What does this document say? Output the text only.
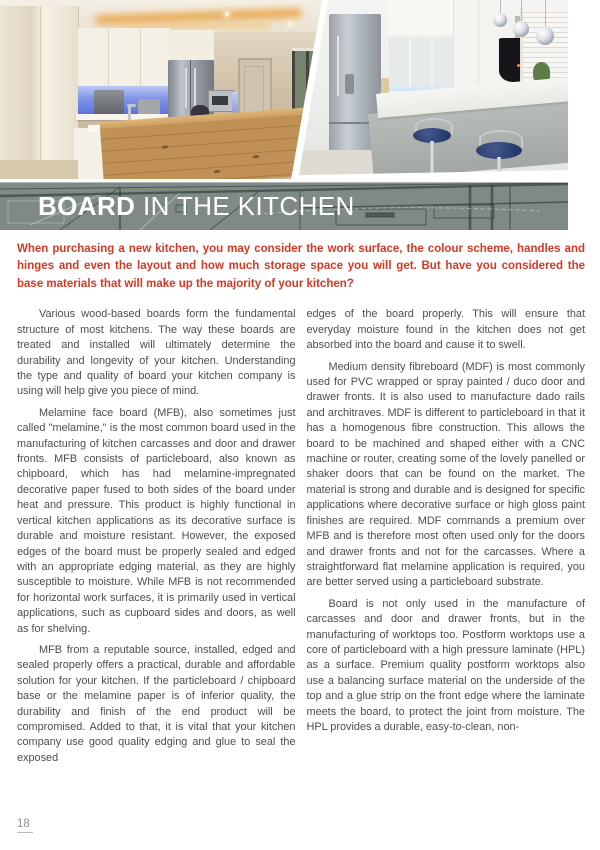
BOARD IN THE KITCHEN

When purchasing a new kitchen, you may consider the work surface, the colour scheme, handles and hinges and even the layout and how much storage space you will get. But have you considered the base materials that will make up the majority of your kitchen?

Various wood-based boards form the fundamental structure of most kitchens. The way these boards are treated and installed will ultimately determine the durability and longevity of your kitchen. Understanding the type and quality of board your kitchen company is using will help give you piece of mind.

Melamine face board (MFB), also sometimes just called "melamine," is the most common board used in the manufacturing of kitchen carcasses and door and drawer fronts. MFB consists of particleboard, also known as chipboard, which has had melamine-impregnated decorative paper fused to both sides of the board under heat and pressure. This product is highly functional in vertical kitchen applications as its decorative surface is durable and moisture resistant. However, the exposed edges of the board must be properly sealed and edged with an appropriate edging material, as they are highly susceptible to moisture. While MFB is not recommended for horizontal work surfaces, it is primarily used in vertical applications, such as cupboard sides and doors, as well as for shelving.

MFB from a reputable source, installed, edged and sealed properly offers a practical, durable and affordable solution for your kitchen. If the particleboard / chipboard base or the melamine paper is of inferior quality, the durability and finish of the end product will be compromised. Added to that, it is vital that your kitchen company use good quality edging and glue to seal the exposed

edges of the board properly. This will ensure that everyday moisture found in the kitchen does not get absorbed into the board and cause it to swell.

Medium density fibreboard (MDF) is most commonly used for PVC wrapped or spray painted / duco door and drawer fronts. It is also used to manufacture dado rails and architraves. MDF is different to particleboard in that it has a homogenous fibre construction. This allows the board to be machined and shaped either with a CNC machine or router, creating some of the lovely panelled or shaker doors that can be found on the market. The material is strong and durable and is designed for specific applications where decorative surface or high gloss paint finishes are required. MDF commands a premium over MFB and is therefore most often used only for the doors and drawer fronts and not for the carcasses. Where a straightforward flat melamine application is required, you are better served using a particleboard substrate.

Board is not only used in the manufacture of carcasses and door and drawer fronts, but in the manufacturing of worktops too. Postform worktops use a core of particleboard with a high pressure laminate (HPL) as a surface. Premium quality postform worktops also use a balancing surface material on the underside of the top and a glue strip on the front edge where the laminate meets the board, to protect the joint from moisture. The HPL provides a durable, easy-to-clean, non-

18
